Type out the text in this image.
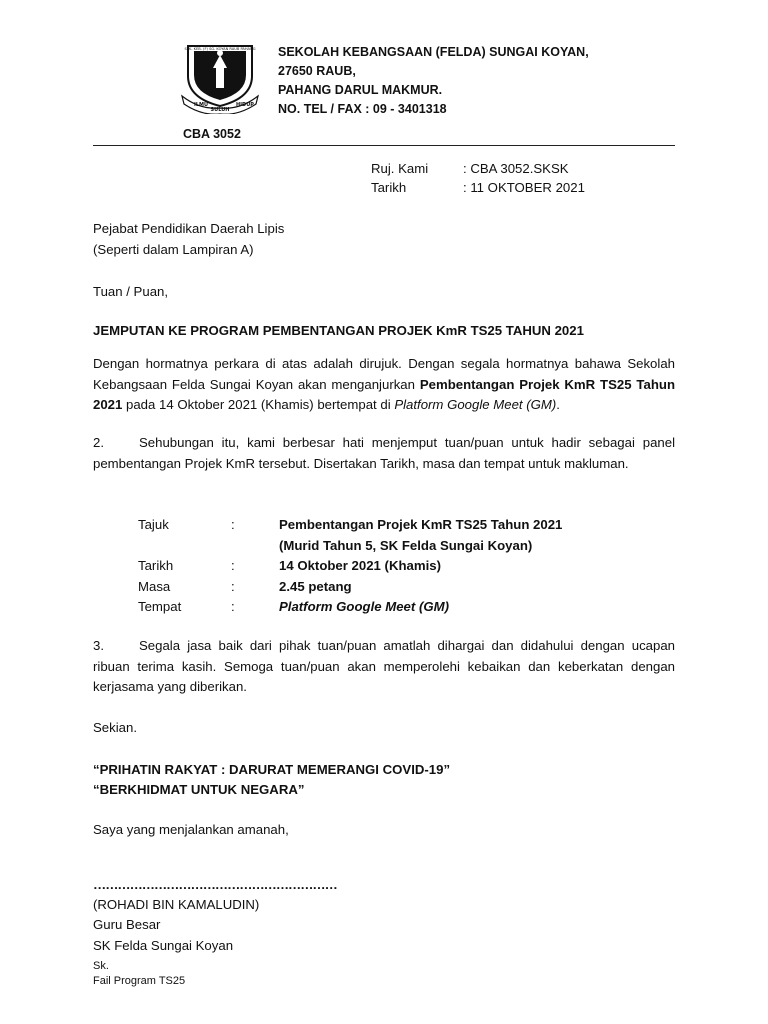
SEK. KEB. (F) SG. KOYAN RAUB PAHANG
ILMU
SULUH
HIDUP
SEKOLAH KEBANGSAAN (FELDA) SUNGAI KOYAN,
27650 RAUB,
PAHANG DARUL MAKMUR.
NO. TEL / FAX : 09 - 3401318
CBA 3052
Ruj. Kami	: CBA 3052.SKSK
Tarikh	: 11 OKTOBER 2021
Pejabat Pendidikan Daerah Lipis
(Seperti dalam Lampiran A)
Tuan / Puan,
JEMPUTAN KE PROGRAM PEMBENTANGAN PROJEK KmR TS25 TAHUN 2021
Dengan hormatnya perkara di atas adalah dirujuk. Dengan segala hormatnya bahawa Sekolah Kebangsaan Felda Sungai Koyan akan menganjurkan Pembentangan Projek KmR TS25 Tahun 2021 pada 14 Oktober 2021 (Khamis) bertempat di Platform Google Meet (GM).
2.	Sehubungan itu, kami berbesar hati menjemput tuan/puan untuk hadir sebagai panel pembentangan Projek KmR tersebut. Disertakan Tarikh, masa dan tempat untuk makluman.
Tajuk	:	Pembentangan Projek KmR TS25 Tahun 2021
(Murid Tahun 5, SK Felda Sungai Koyan)
Tarikh	:	14 Oktober 2021 (Khamis)
Masa	:	2.45 petang
Tempat	:	Platform Google Meet (GM)
3.	Segala jasa baik dari pihak tuan/puan amatlah dihargai dan didahului dengan ucapan ribuan terima kasih. Semoga tuan/puan akan memperolehi kebaikan dan keberkatan dengan kerjasama yang diberikan.
Sekian.
“PRIHATIN RAKYAT : DARURAT MEMERANGI COVID-19”
“BERKHIDMAT UNTUK NEGARA”
Saya yang menjalankan amanah,
……………………………………………………
(ROHADI BIN KAMALUDIN)
Guru Besar
SK Felda Sungai Koyan
Sk.
Fail Program TS25
